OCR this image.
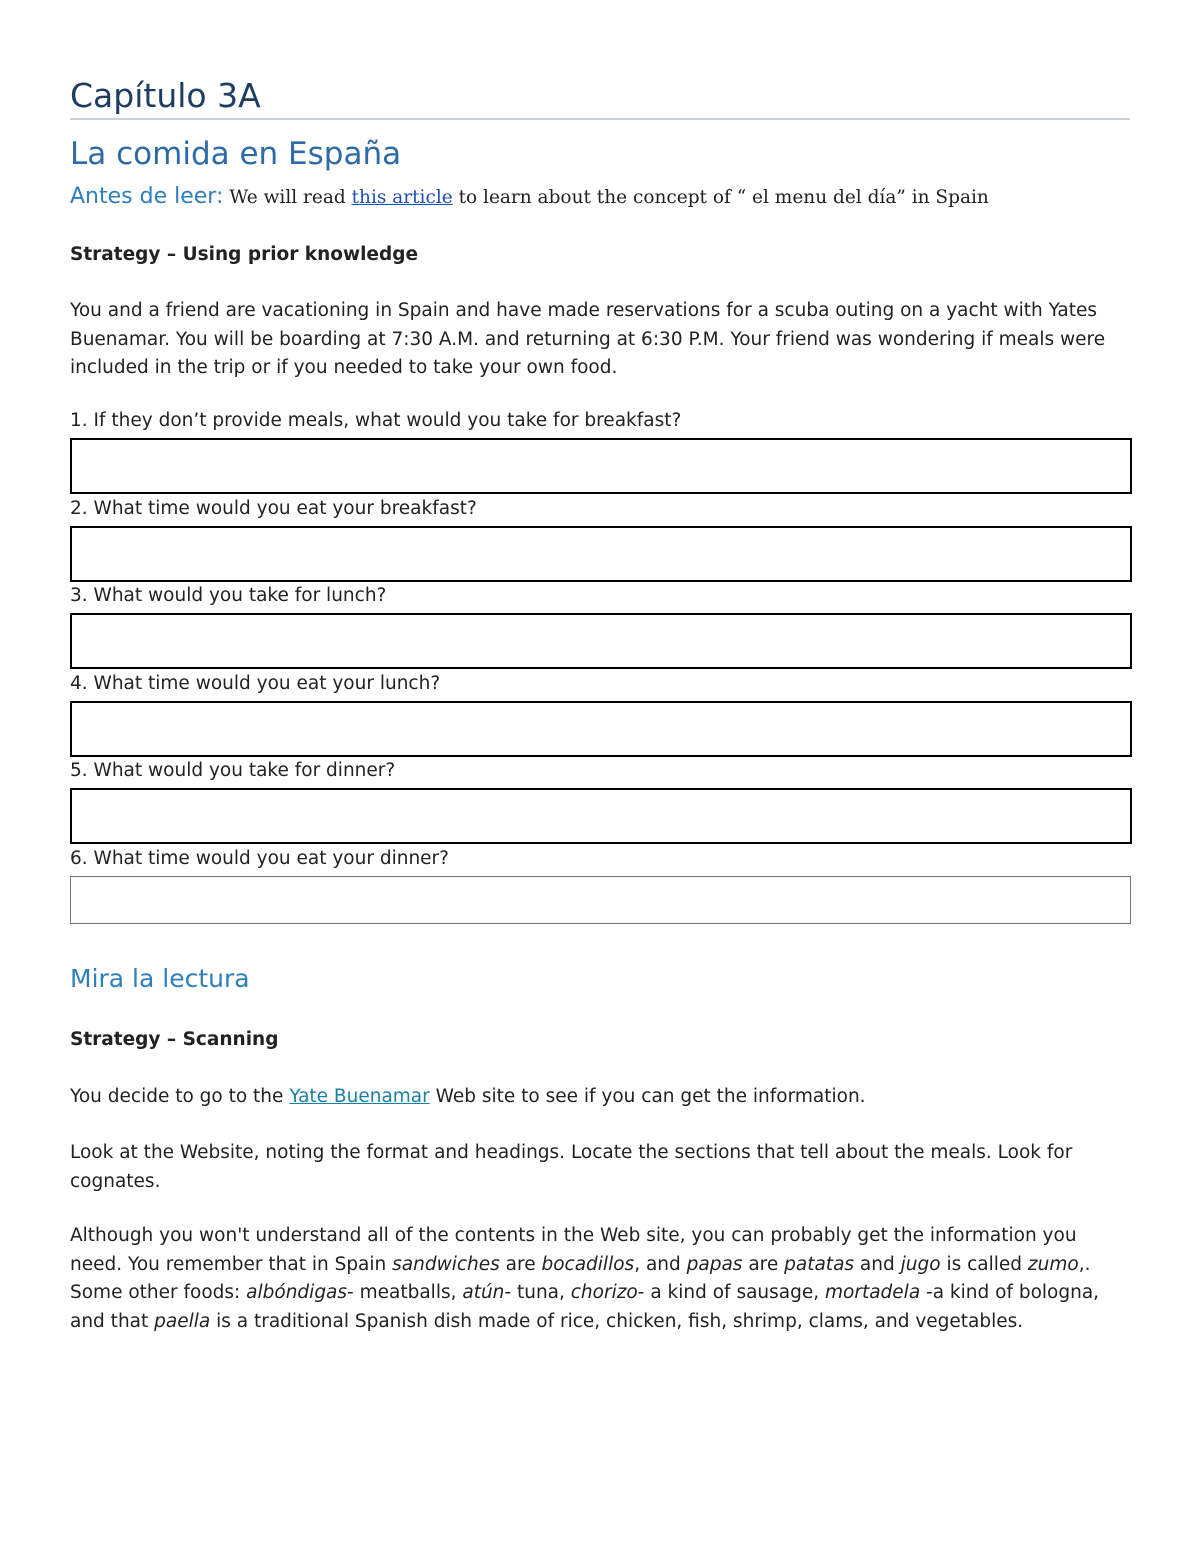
Capítulo 3A
La comida en España
Antes de leer: We will read this article to learn about the concept of “ el menu del día” in Spain
Strategy – Using prior knowledge
You and a friend are vacationing in Spain and have made reservations for a scuba outing on a yacht with Yates Buenamar. You will be boarding at 7:30 A.M. and returning at 6:30 P.M. Your friend was wondering if meals were included in the trip or if you needed to take your own food.
1. If they don’t provide meals, what would you take for breakfast?
2. What time would you eat your breakfast?
3. What would you take for lunch?
4. What time would you eat your lunch?
5. What would you take for dinner?
6. What time would you eat your dinner?
Mira la lectura
Strategy – Scanning
You decide to go to the Yate Buenamar Web site to see if you can get the information.
Look at the Website, noting the format and headings. Locate the sections that tell about the meals. Look for cognates.
Although you won't understand all of the contents in the Web site, you can probably get the information you need. You remember that in Spain sandwiches are bocadillos, and papas are patatas and jugo is called zumo,. Some other foods: albóndigas- meatballs, atún- tuna, chorizo- a kind of sausage, mortadela -a kind of bologna, and that paella is a traditional Spanish dish made of rice, chicken, fish, shrimp, clams, and vegetables.
